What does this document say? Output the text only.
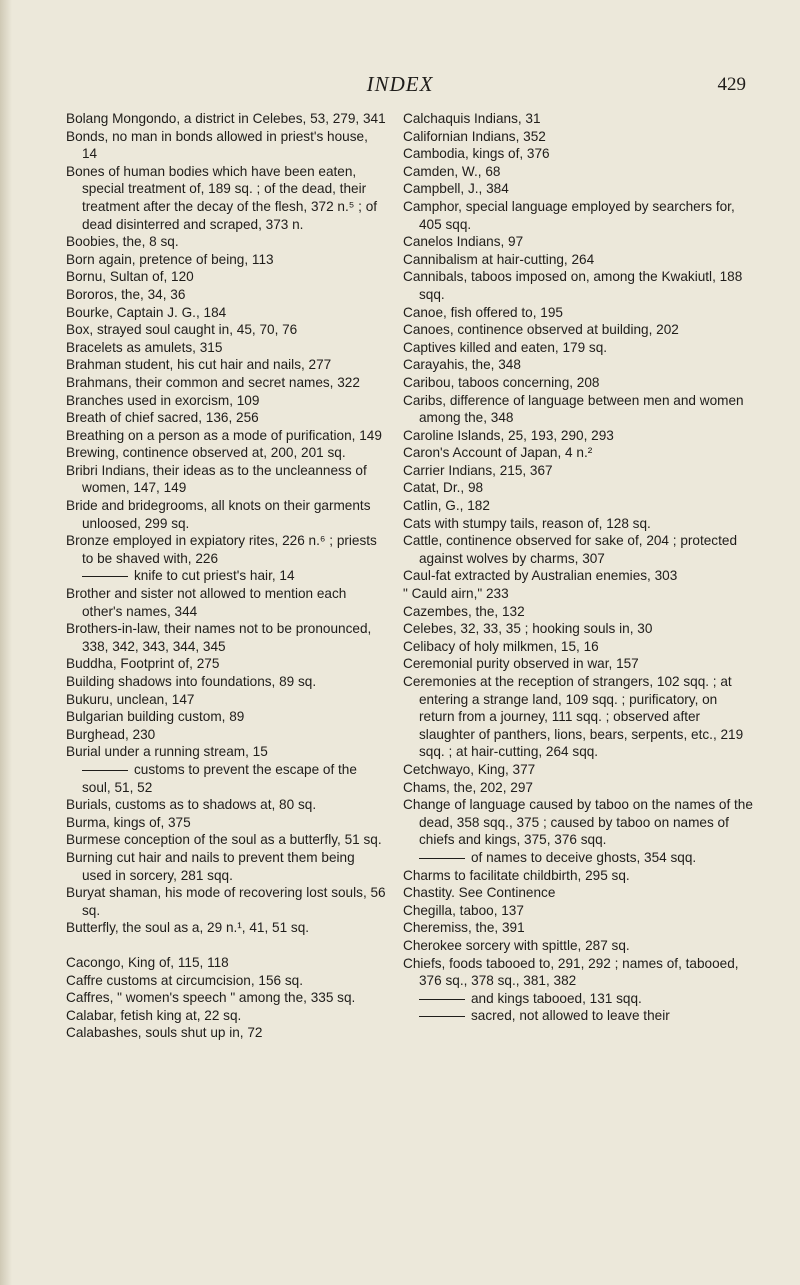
INDEX	429
Bolang Mongondo, a district in Celebes, 53, 279, 341
Bonds, no man in bonds allowed in priest's house, 14
Bones of human bodies which have been eaten, special treatment of, 189 sq. ; of the dead, their treatment after the decay of the flesh, 372 n.⁵ ; of dead disinterred and scraped, 373 n.
Boobies, the, 8 sq.
Born again, pretence of being, 113
Bornu, Sultan of, 120
Bororos, the, 34, 36
Bourke, Captain J. G., 184
Box, strayed soul caught in, 45, 70, 76
Bracelets as amulets, 315
Brahman student, his cut hair and nails, 277
Brahmans, their common and secret names, 322
Branches used in exorcism, 109
Breath of chief sacred, 136, 256
Breathing on a person as a mode of purification, 149
Brewing, continence observed at, 200, 201 sq.
Bribri Indians, their ideas as to the uncleanness of women, 147, 149
Bride and bridegrooms, all knots on their garments unloosed, 299 sq.
Bronze employed in expiatory rites, 226 n.⁶ ; priests to be shaved with, 226
knife to cut priest's hair, 14
Brother and sister not allowed to mention each other's names, 344
Brothers-in-law, their names not to be pronounced, 338, 342, 343, 344, 345
Buddha, Footprint of, 275
Building shadows into foundations, 89 sq.
Bukuru, unclean, 147
Bulgarian building custom, 89
Burghead, 230
Burial under a running stream, 15
customs to prevent the escape of the soul, 51, 52
Burials, customs as to shadows at, 80 sq.
Burma, kings of, 375
Burmese conception of the soul as a butterfly, 51 sq.
Burning cut hair and nails to prevent them being used in sorcery, 281 sqq.
Buryat shaman, his mode of recovering lost souls, 56 sq.
Butterfly, the soul as a, 29 n.¹, 41, 51 sq.
Cacongo, King of, 115, 118
Caffre customs at circumcision, 156 sq.
Caffres, " women's speech " among the, 335 sq.
Calabar, fetish king at, 22 sq.
Calabashes, souls shut up in, 72
Calchaquis Indians, 31
Californian Indians, 352
Cambodia, kings of, 376
Camden, W., 68
Campbell, J., 384
Camphor, special language employed by searchers for, 405 sqq.
Canelos Indians, 97
Cannibalism at hair-cutting, 264
Cannibals, taboos imposed on, among the Kwakiutl, 188 sqq.
Canoe, fish offered to, 195
Canoes, continence observed at building, 202
Captives killed and eaten, 179 sq.
Carayahis, the, 348
Caribou, taboos concerning, 208
Caribs, difference of language between men and women among the, 348
Caroline Islands, 25, 193, 290, 293
Caron's Account of Japan, 4 n.²
Carrier Indians, 215, 367
Catat, Dr., 98
Catlin, G., 182
Cats with stumpy tails, reason of, 128 sq.
Cattle, continence observed for sake of, 204 ; protected against wolves by charms, 307
Caul-fat extracted by Australian enemies, 303
" Cauld airn," 233
Cazembes, the, 132
Celebes, 32, 33, 35 ; hooking souls in, 30
Celibacy of holy milkmen, 15, 16
Ceremonial purity observed in war, 157
Ceremonies at the reception of strangers, 102 sqq. ; at entering a strange land, 109 sqq. ; purificatory, on return from a journey, 111 sqq. ; observed after slaughter of panthers, lions, bears, serpents, etc., 219 sqq. ; at hair-cutting, 264 sqq.
Cetchwayo, King, 377
Chams, the, 202, 297
Change of language caused by taboo on the names of the dead, 358 sqq., 375 ; caused by taboo on names of chiefs and kings, 375, 376 sqq.
of names to deceive ghosts, 354 sqq.
Charms to facilitate childbirth, 295 sq.
Chastity. See Continence
Chegilla, taboo, 137
Cheremiss, the, 391
Cherokee sorcery with spittle, 287 sq.
Chiefs, foods tabooed to, 291, 292 ; names of, tabooed, 376 sq., 378 sq., 381, 382
and kings tabooed, 131 sqq.
sacred, not allowed to leave their
